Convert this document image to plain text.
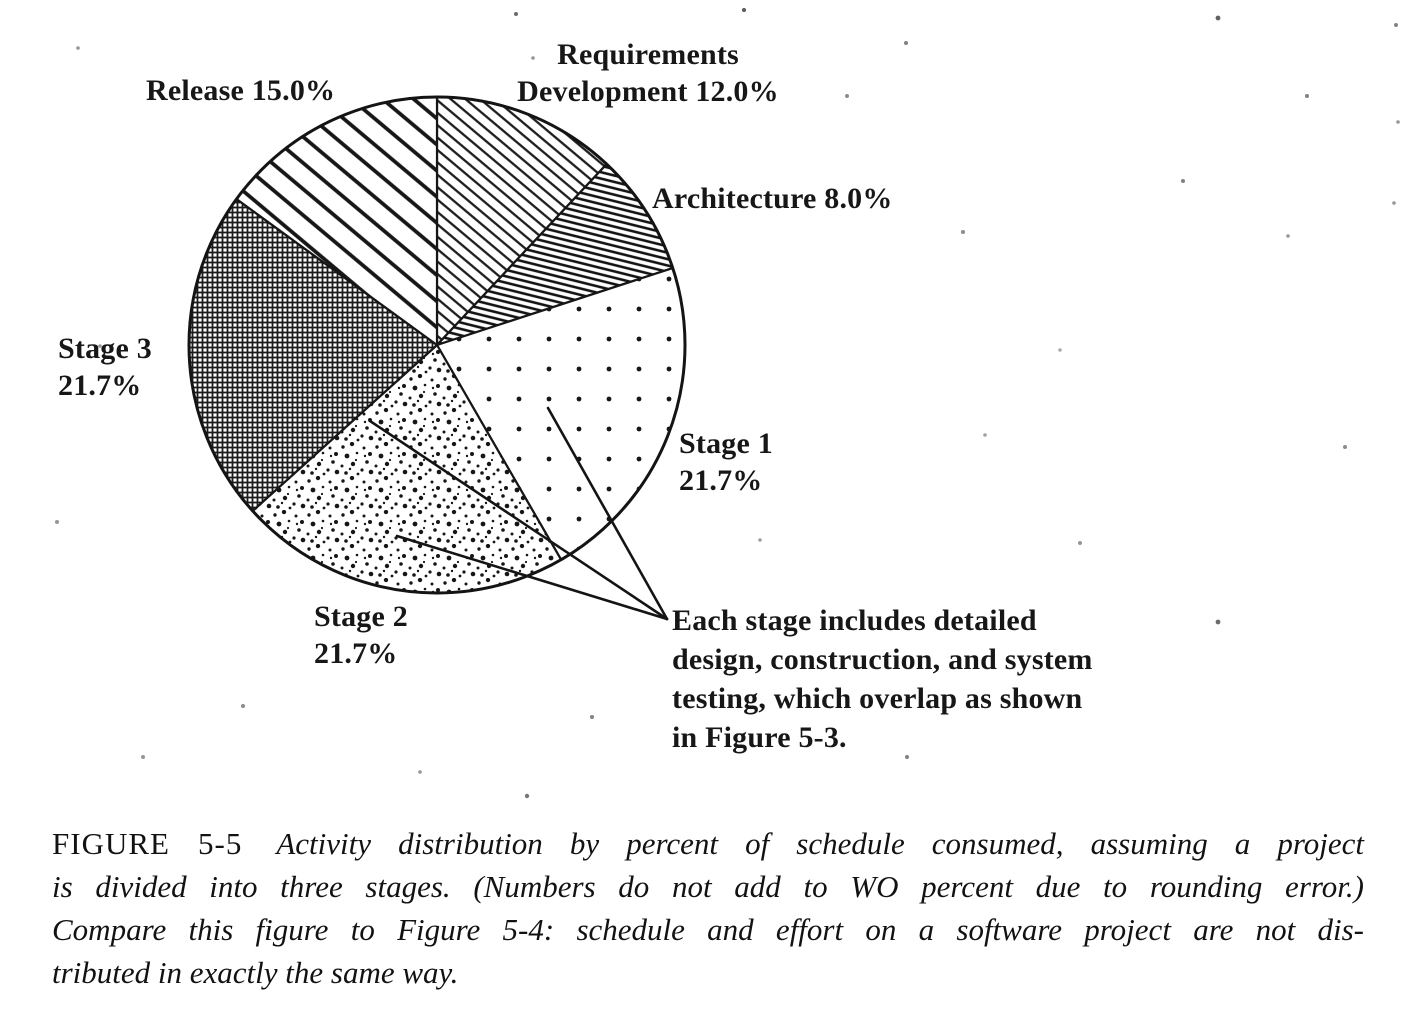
Requirements
Development 12.0%
Architecture 8.0%
Release 15.0%
Stage 3
21.7%
Stage 1
21.7%
Stage 2
21.7%
Each stage includes detailed
design, construction, and system
testing, which overlap as shown
in Figure 5-3.
FIGURE 5-5 Activity distribution by percent of schedule consumed, assuming a project
is divided into three stages. (Numbers do not add to WO percent due to rounding error.)
Compare this figure to Figure 5-4: schedule and effort on a software project are not dis-
tributed in exactly the same way.
